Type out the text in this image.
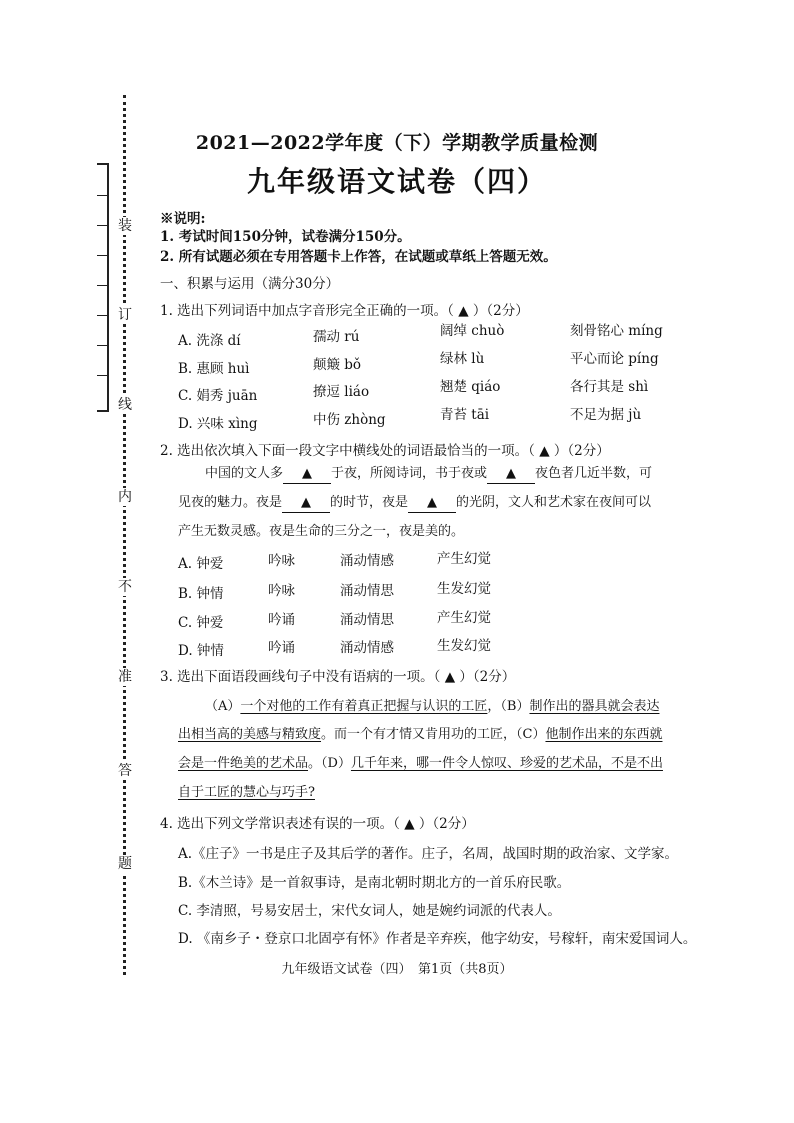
装
订
线
内
不
准
答
题
2021—2022学年度（下）学期教学质量检测
九年级语文试卷（四）
※说明:
1. 考试时间150分钟，试卷满分150分。
2. 所有试题必须在专用答题卡上作答，在试题或草纸上答题无效。
一、积累与运用（满分30分）
1. 选出下列词语中加点字音形完全正确的一项。（ ▲ ）（2分）
A. 洗涤 dí	孺动 rú	阔绰 chuò	刻骨铭心 míng
B. 惠顾 huì	颠簸 bǒ	绿林 lù	平心而论 píng
C. 娟秀 juān	撩逗 liáo	翘楚 qiáo	各行其是 shì
D. 兴味 xìng	中伤 zhòng	青苔 tāi	不足为据 jù
2. 选出依次填入下面一段文字中横线处的词语最恰当的一项。（ ▲ ）（2分）
中国的文人多 ▲ 于夜，所阅诗词，书于夜或 ▲ 夜色者几近半数，可
见夜的魅力。夜是 ▲ 的时节，夜是 ▲ 的光阴，文人和艺术家在夜间可以
产生无数灵感。夜是生命的三分之一，夜是美的。
A. 钟爱	吟咏	涌动情感	产生幻觉
B. 钟情	吟咏	涌动情思	生发幻觉
C. 钟爱	吟诵	涌动情思	产生幻觉
D. 钟情	吟诵	涌动情感	生发幻觉
3. 选出下面语段画线句子中没有语病的一项。（ ▲ ）（2分）
（A）一个对他的工作有着真正把握与认识的工匠，（B）制作出的器具就会表达
出相当高的美感与精致度。而一个有才情又肯用功的工匠，（C）他制作出来的东西就
会是一件绝美的艺术品。（D）几千年来，哪一件令人惊叹、珍爱的艺术品，不是不出
自于工匠的慧心与巧手?
4. 选出下列文学常识表述有误的一项。（ ▲ ）（2分）
A.《庄子》一书是庄子及其后学的著作。庄子，名周，战国时期的政治家、文学家。
B.《木兰诗》是一首叙事诗，是南北朝时期北方的一首乐府民歌。
C. 李清照，号易安居士，宋代女词人，她是婉约词派的代表人。
D. 《南乡子・登京口北固亭有怀》作者是辛弃疾，他字幼安，号稼轩，南宋爱国词人。
九年级语文试卷（四）　第1页（共8页）
